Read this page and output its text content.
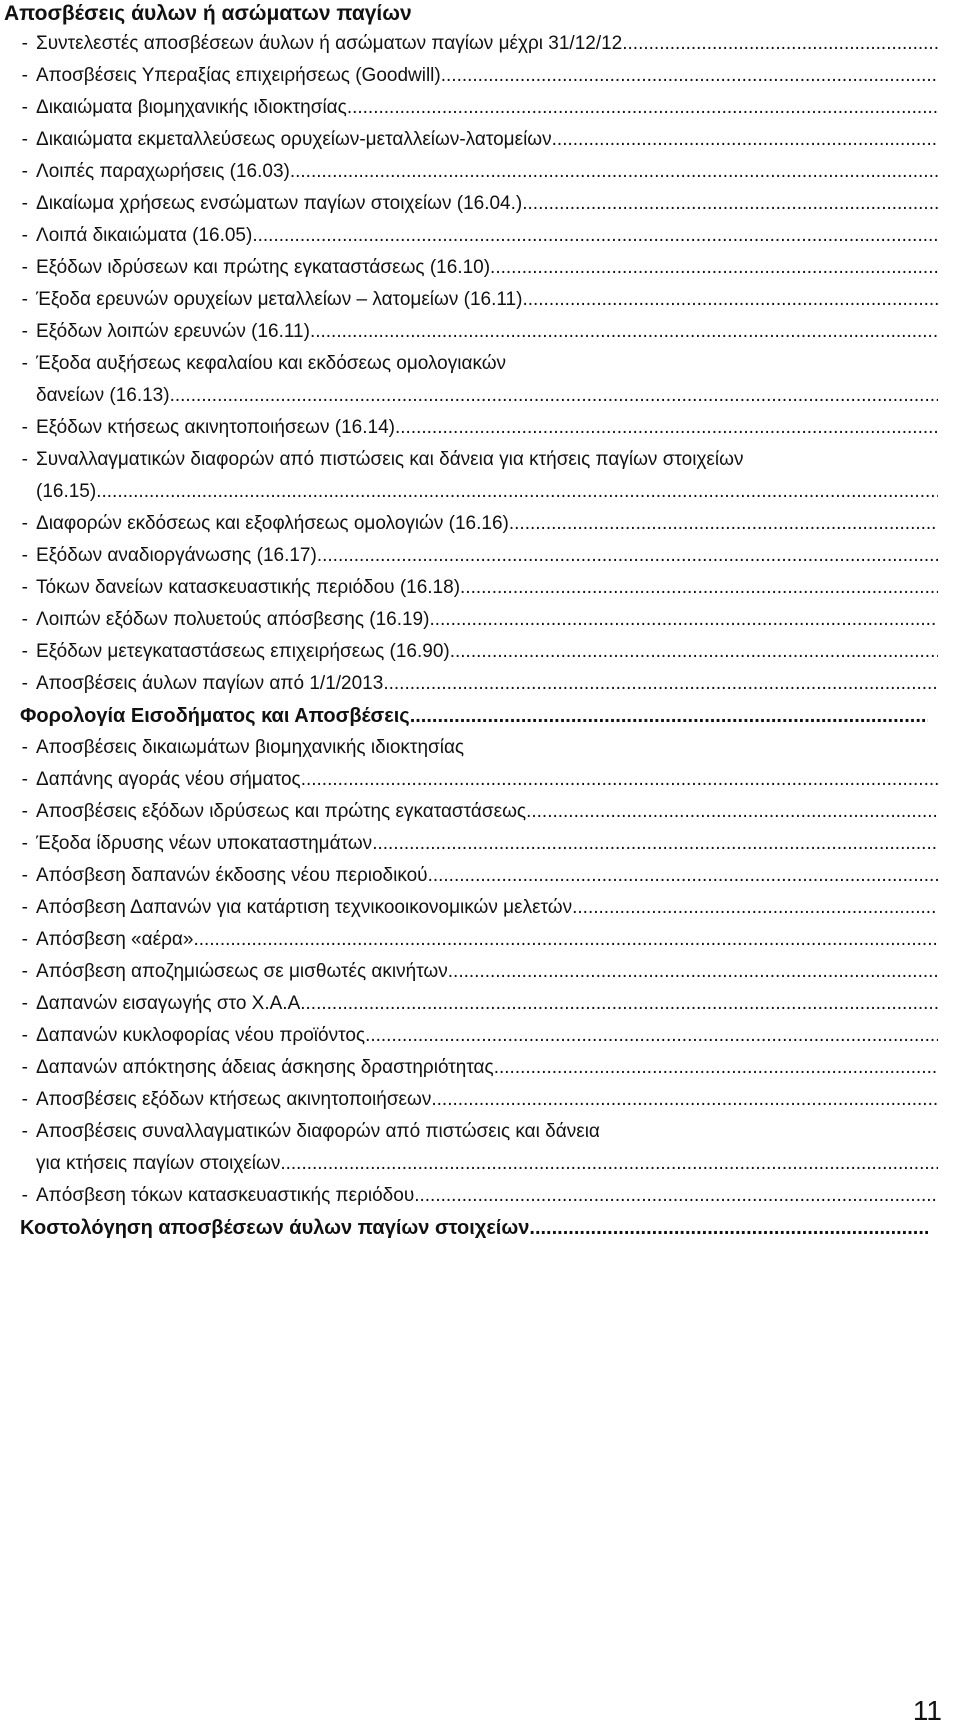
Αποσβέσεις άυλων ή ασώματων παγίων
- Συντελεστές αποσβέσεων άυλων ή ασώματων παγίων μέχρι 31/12/12
.....
- Αποσβέσεις Υπεραξίας επιχειρήσεως (Goodwill)
.....
- Δικαιώματα βιομηχανικής ιδιοκτησίας
.....
- Δικαιώματα εκμεταλλεύσεως ορυχείων-μεταλλείων-λατομείων
.....
- Λοιπές παραχωρήσεις (16.03)
.....
- Δικαίωμα χρήσεως ενσώματων παγίων στοιχείων (16.04.)
.....
- Λοιπά δικαιώματα (16.05)
.....
- Εξόδων ιδρύσεων και πρώτης εγκαταστάσεως (16.10)
.....
- Έξοδα ερευνών ορυχείων μεταλλείων – λατομείων (16.11)
.....
- Εξόδων λοιπών ερευνών (16.11)
.....
- Έξοδα αυξήσεως κεφαλαίου και εκδόσεως ομολογιακών
δανείων (16.13)
.....
- Εξόδων κτήσεως ακινητοποιήσεων (16.14)
.....
- Συναλλαγματικών διαφορών από πιστώσεις και δάνεια για κτήσεις παγίων στοιχείων
(16.15)
.....
- Διαφορών εκδόσεως και εξοφλήσεως ομολογιών (16.16)
.....
- Εξόδων αναδιοργάνωσης (16.17)
.....
- Τόκων δανείων κατασκευαστικής περιόδου (16.18)
.....
- Λοιπών εξόδων πολυετούς απόσβεσης (16.19)
.....
- Εξόδων μετεγκαταστάσεως επιχειρήσεως (16.90)
.....
- Αποσβέσεις άυλων παγίων από 1/1/2013
.....
Φορολογία Εισοδήματος και Αποσβέσεις
.....
- Αποσβέσεις δικαιωμάτων βιομηχανικής ιδιοκτησίας
- Δαπάνης αγοράς νέου σήματος
.....
- Αποσβέσεις εξόδων ιδρύσεως και πρώτης εγκαταστάσεως
.....
- Έξοδα ίδρυσης νέων υποκαταστημάτων
.....
- Απόσβεση δαπανών έκδοσης νέου περιοδικού
.....
- Απόσβεση Δαπανών για κατάρτιση τεχνικοοικονομικών μελετών
.....
- Απόσβεση «αέρα»
.....
- Απόσβεση αποζημιώσεως σε μισθωτές ακινήτων
.....
- Δαπανών εισαγωγής στο Χ.Α.Α
.....
- Δαπανών κυκλοφορίας νέου προϊόντος
.....
- Δαπανών απόκτησης άδειας άσκησης δραστηριότητας
.....
- Αποσβέσεις εξόδων κτήσεως ακινητοποιήσεων
.....
- Αποσβέσεις συναλλαγματικών διαφορών από πιστώσεις και δάνεια
για κτήσεις παγίων στοιχείων
.....
- Απόσβεση τόκων κατασκευαστικής περιόδου
.....
Κοστολόγηση αποσβέσεων άυλων παγίων στοιχείων
.....
11
